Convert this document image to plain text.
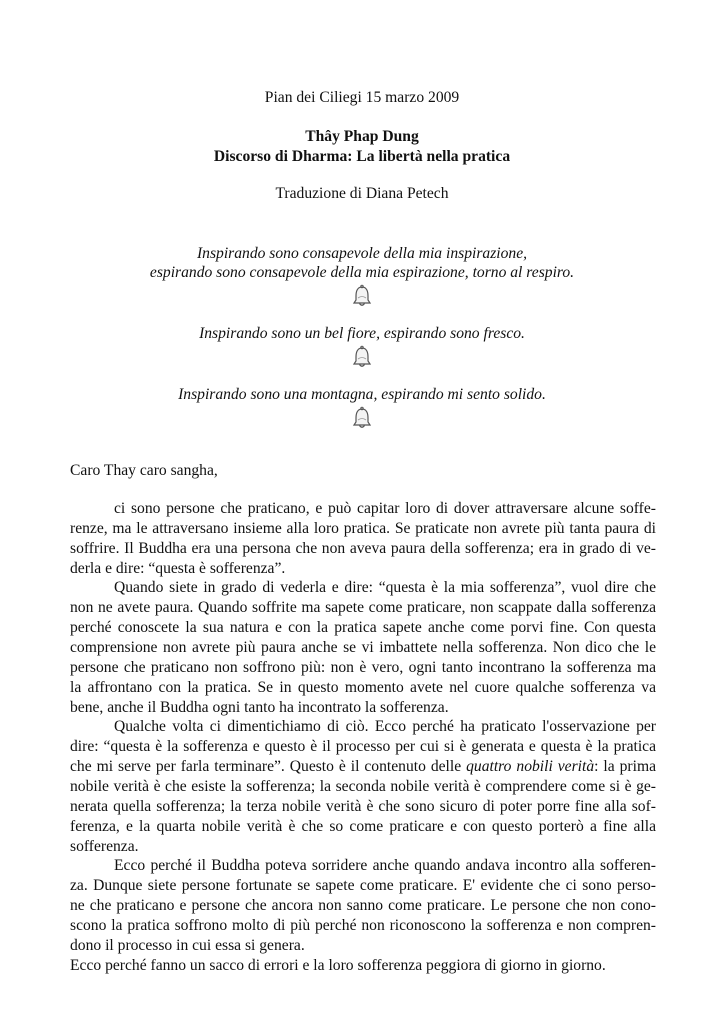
Pian dei Ciliegi 15 marzo 2009
Thây Phap Dung
Discorso di Dharma: La libertà nella pratica
Traduzione di Diana Petech
Inspirando sono consapevole della mia inspirazione,
espirando sono consapevole della mia espirazione, torno al respiro.
Inspirando sono un bel fiore, espirando sono fresco.
Inspirando sono una montagna, espirando mi sento solido.
Caro Thay caro sangha,
ci sono persone che praticano, e può capitar loro di dover attraversare alcune soffe-
renze, ma le attraversano insieme alla loro pratica. Se praticate non avrete più tanta paura di
soffrire. Il Buddha era una persona che non aveva paura della sofferenza; era in grado di ve-
derla e dire: “questa è sofferenza”.
Quando siete in grado di vederla e dire: “questa è la mia sofferenza”, vuol dire che
non ne avete paura. Quando soffrite ma sapete come praticare, non scappate dalla sofferenza
perché conoscete la sua natura e con la pratica sapete anche come porvi fine. Con questa
comprensione non avrete più paura anche se vi imbattete nella sofferenza. Non dico che le
persone che praticano non soffrono più: non è vero, ogni tanto incontrano la sofferenza ma
la affrontano con la pratica. Se in questo momento avete nel cuore qualche sofferenza va
bene, anche il Buddha ogni tanto ha incontrato la sofferenza.
Qualche volta ci dimentichiamo di ciò. Ecco perché ha praticato l'osservazione per
dire: “questa è la sofferenza e questo è il processo per cui si è generata e questa è la pratica
che mi serve per farla terminare”. Questo è il contenuto delle quattro nobili verità: la prima
nobile verità è che esiste la sofferenza; la seconda nobile verità è comprendere come si è ge-
nerata quella sofferenza; la terza nobile verità è che sono sicuro di poter porre fine alla sof-
ferenza, e la quarta nobile verità è che so come praticare e con questo porterò a fine alla
sofferenza.
Ecco perché il Buddha poteva sorridere anche quando andava incontro alla sofferen-
za. Dunque siete persone fortunate se sapete come praticare. E' evidente che ci sono perso-
ne che praticano e persone che ancora non sanno come praticare. Le persone che non cono-
scono la pratica soffrono molto di più perché non riconoscono la sofferenza e non compren-
dono il processo in cui essa si genera.
Ecco perché fanno un sacco di errori e la loro sofferenza peggiora di giorno in giorno.
